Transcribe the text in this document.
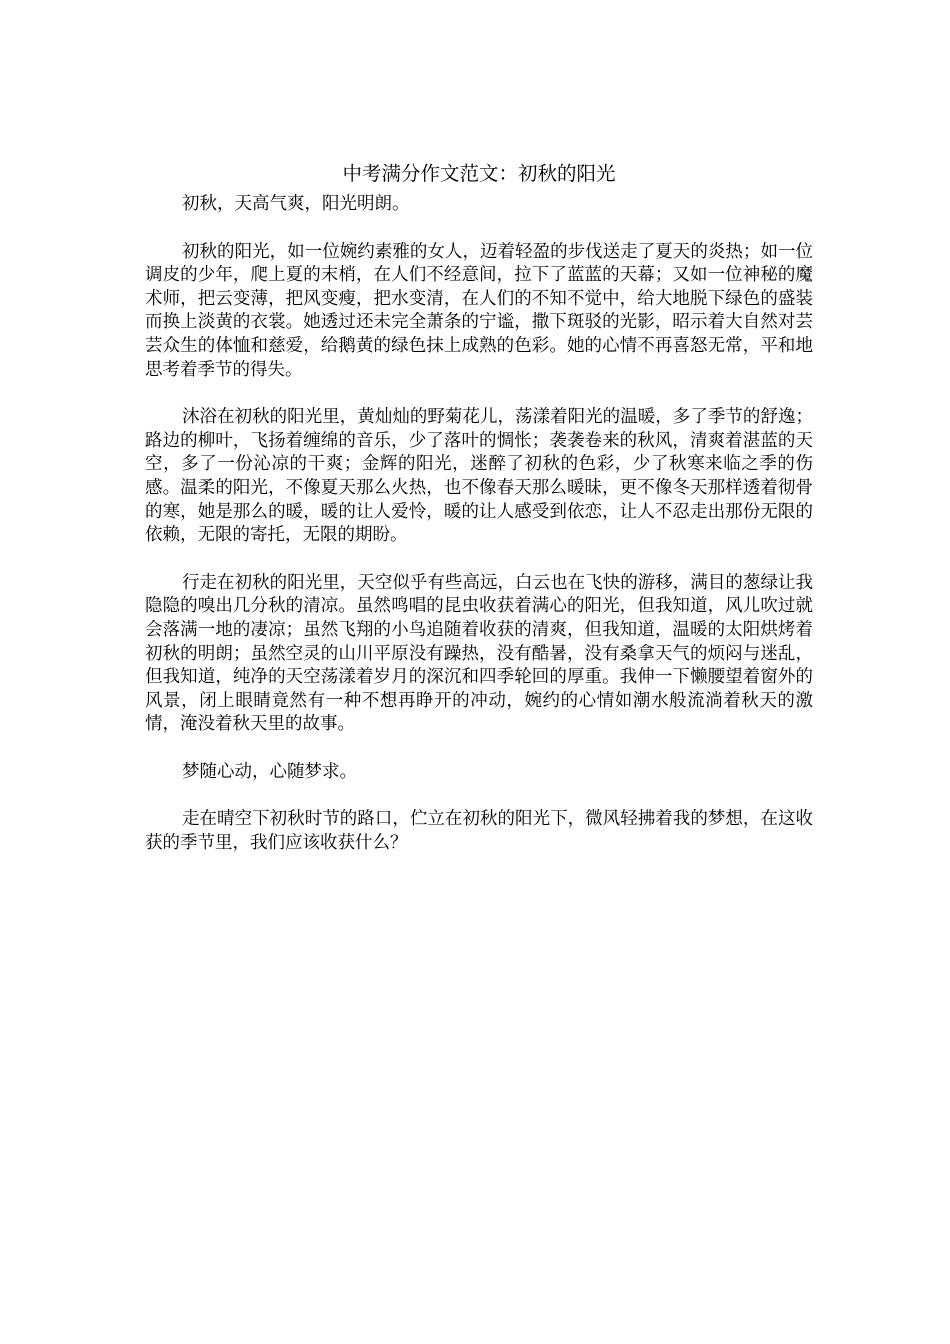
中考满分作文范文：初秋的阳光

初秋，天高气爽，阳光明朗。

初秋的阳光，如一位婉约素雅的女人，迈着轻盈的步伐送走了夏天的炎热；如一位调皮的少年，爬上夏的末梢，在人们不经意间，拉下了蓝蓝的天幕；又如一位神秘的魔术师，把云变薄，把风变瘦，把水变清，在人们的不知不觉中，给大地脱下绿色的盛装而换上淡黄的衣裳。她透过还未完全萧条的宁谧，撒下斑驳的光影，昭示着大自然对芸芸众生的体恤和慈爱，给鹅黄的绿色抹上成熟的色彩。她的心情不再喜怒无常，平和地思考着季节的得失。

沐浴在初秋的阳光里，黄灿灿的野菊花儿，荡漾着阳光的温暖，多了季节的舒逸；路边的柳叶，飞扬着缠绵的音乐，少了落叶的惆怅；袭袭卷来的秋风，清爽着湛蓝的天空，多了一份沁凉的干爽；金辉的阳光，迷醉了初秋的色彩，少了秋寒来临之季的伤感。温柔的阳光，不像夏天那么火热，也不像春天那么暖昧，更不像冬天那样透着彻骨的寒，她是那么的暖，暖的让人爱怜，暖的让人感受到依恋，让人不忍走出那份无限的依赖，无限的寄托，无限的期盼。

行走在初秋的阳光里，天空似乎有些高远，白云也在飞快的游移，满目的葱绿让我隐隐的嗅出几分秋的清凉。虽然鸣唱的昆虫收获着满心的阳光，但我知道，风儿吹过就会落满一地的凄凉；虽然飞翔的小鸟追随着收获的清爽，但我知道，温暖的太阳烘烤着初秋的明朗；虽然空灵的山川平原没有躁热，没有酷暑，没有桑拿天气的烦闷与迷乱，但我知道，纯净的天空荡漾着岁月的深沉和四季轮回的厚重。我伸一下懒腰望着窗外的风景，闭上眼睛竟然有一种不想再睁开的冲动，婉约的心情如潮水般流淌着秋天的激情，淹没着秋天里的故事。

梦随心动，心随梦求。

走在晴空下初秋时节的路口，伫立在初秋的阳光下，微风轻拂着我的梦想，在这收获的季节里，我们应该收获什么？
